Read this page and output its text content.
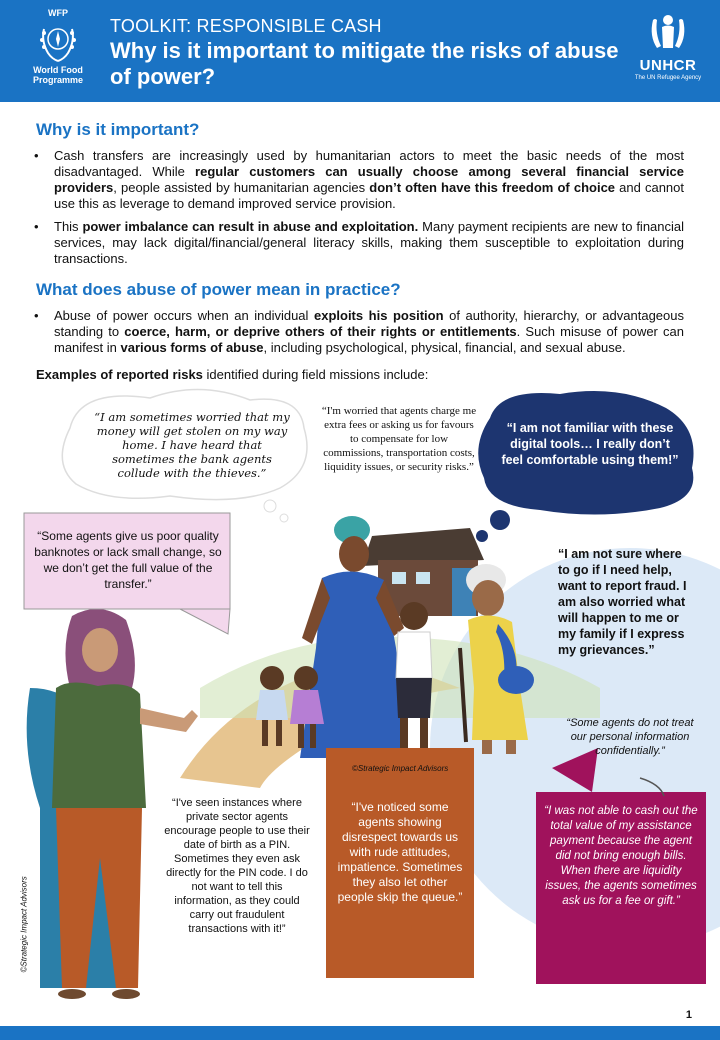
WFP
World Food
Programme
TOOLKIT: RESPONSIBLE CASH
Why is it important to mitigate the risks of abuse of power?	UNHCR
The UN Refugee Agency
Why is it important?
• Cash transfers are increasingly used by humanitarian actors to meet the basic needs of the most disadvantaged. While regular customers can usually choose among several financial service providers, people assisted by humanitarian agencies don’t often have this freedom of choice and cannot use this as leverage to demand improved service provision.
• This power imbalance can result in abuse and exploitation. Many payment recipients are new to financial services, may lack digital/financial/general literacy skills, making them susceptible to exploitation during transactions.
What does abuse of power mean in practice?
• Abuse of power occurs when an individual exploits his position of authority, hierarchy, or advantageous standing to coerce, harm, or deprive others of their rights or entitlements. Such misuse of power can manifest in various forms of abuse, including psychological, physical, financial, and sexual abuse.
Examples of reported risks identified during field missions include:
“I am sometimes worried that my money will get stolen on my way home. I have heard that sometimes the bank agents collude with the thieves.”
“I'm worried that agents charge me extra fees or asking us for favours to compensate for low commissions, transportation costs, liquidity issues, or security risks.”
“I am not familiar with these digital tools… I really don’t feel comfortable using them!”
“Some agents give us poor quality banknotes or lack small change, so we don’t get the full value of the transfer.”
“I am not sure where to go if I need help, want to report fraud. I am also worried what will happen to me or my family if I express my grievances.”
“Some agents do not treat our personal information confidentially.”
“I've seen instances where private sector agents encourage people to use their date of birth as a PIN. Sometimes they even ask directly for the PIN code. I do not want to tell this information, as they could carry out fraudulent transactions with it!”
“I've noticed some agents showing disrespect towards us with rude attitudes, impatience. Sometimes they also let other people skip the queue.”
“I was not able to cash out the total value of my assistance payment because the agent did not bring enough bills. When there are liquidity issues, the agents sometimes ask us for a fee or gift.”
©Strategic Impact Advisors
©Strategic Impact Advisors
1
